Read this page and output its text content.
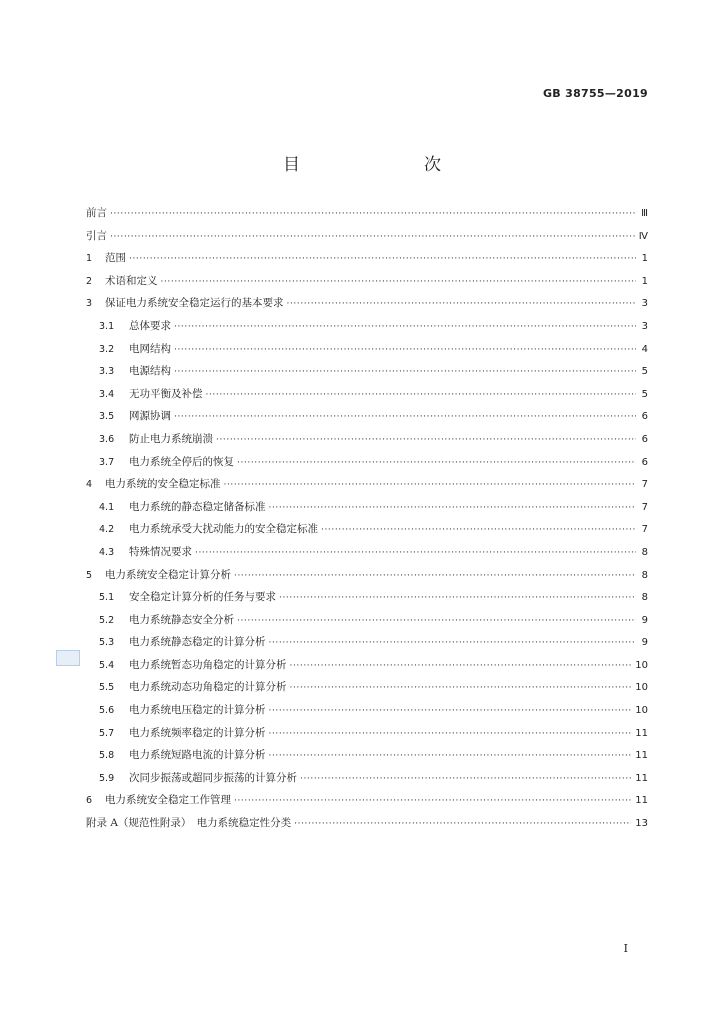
GB 38755—2019
目　　次
前言 ·····	Ⅲ
引言 ·····	Ⅳ
1	范围 ·····	1
2	术语和定义 ·····	1
3	保证电力系统安全稳定运行的基本要求 ·····	3
3.1	总体要求 ·····	3
3.2	电网结构 ·····	4
3.3	电源结构 ·····	5
3.4	无功平衡及补偿 ·····	5
3.5	网源协调 ·····	6
3.6	防止电力系统崩溃 ·····	6
3.7	电力系统全停后的恢复 ·····	6
4	电力系统的安全稳定标准 ·····	7
4.1	电力系统的静态稳定储备标准 ·····	7
4.2	电力系统承受大扰动能力的安全稳定标准 ·····	7
4.3	特殊情况要求 ·····	8
5	电力系统安全稳定计算分析 ·····	8
5.1	安全稳定计算分析的任务与要求 ·····	8
5.2	电力系统静态安全分析 ·····	9
5.3	电力系统静态稳定的计算分析 ·····	9
5.4	电力系统暂态功角稳定的计算分析 ·····	10
5.5	电力系统动态功角稳定的计算分析 ·····	10
5.6	电力系统电压稳定的计算分析 ·····	10
5.7	电力系统频率稳定的计算分析 ·····	11
5.8	电力系统短路电流的计算分析 ·····	11
5.9	次同步振荡或超同步振荡的计算分析 ·····	11
6	电力系统安全稳定工作管理 ·····	11
附录 A（规范性附录）　电力系统稳定性分类 ·····	13
I
